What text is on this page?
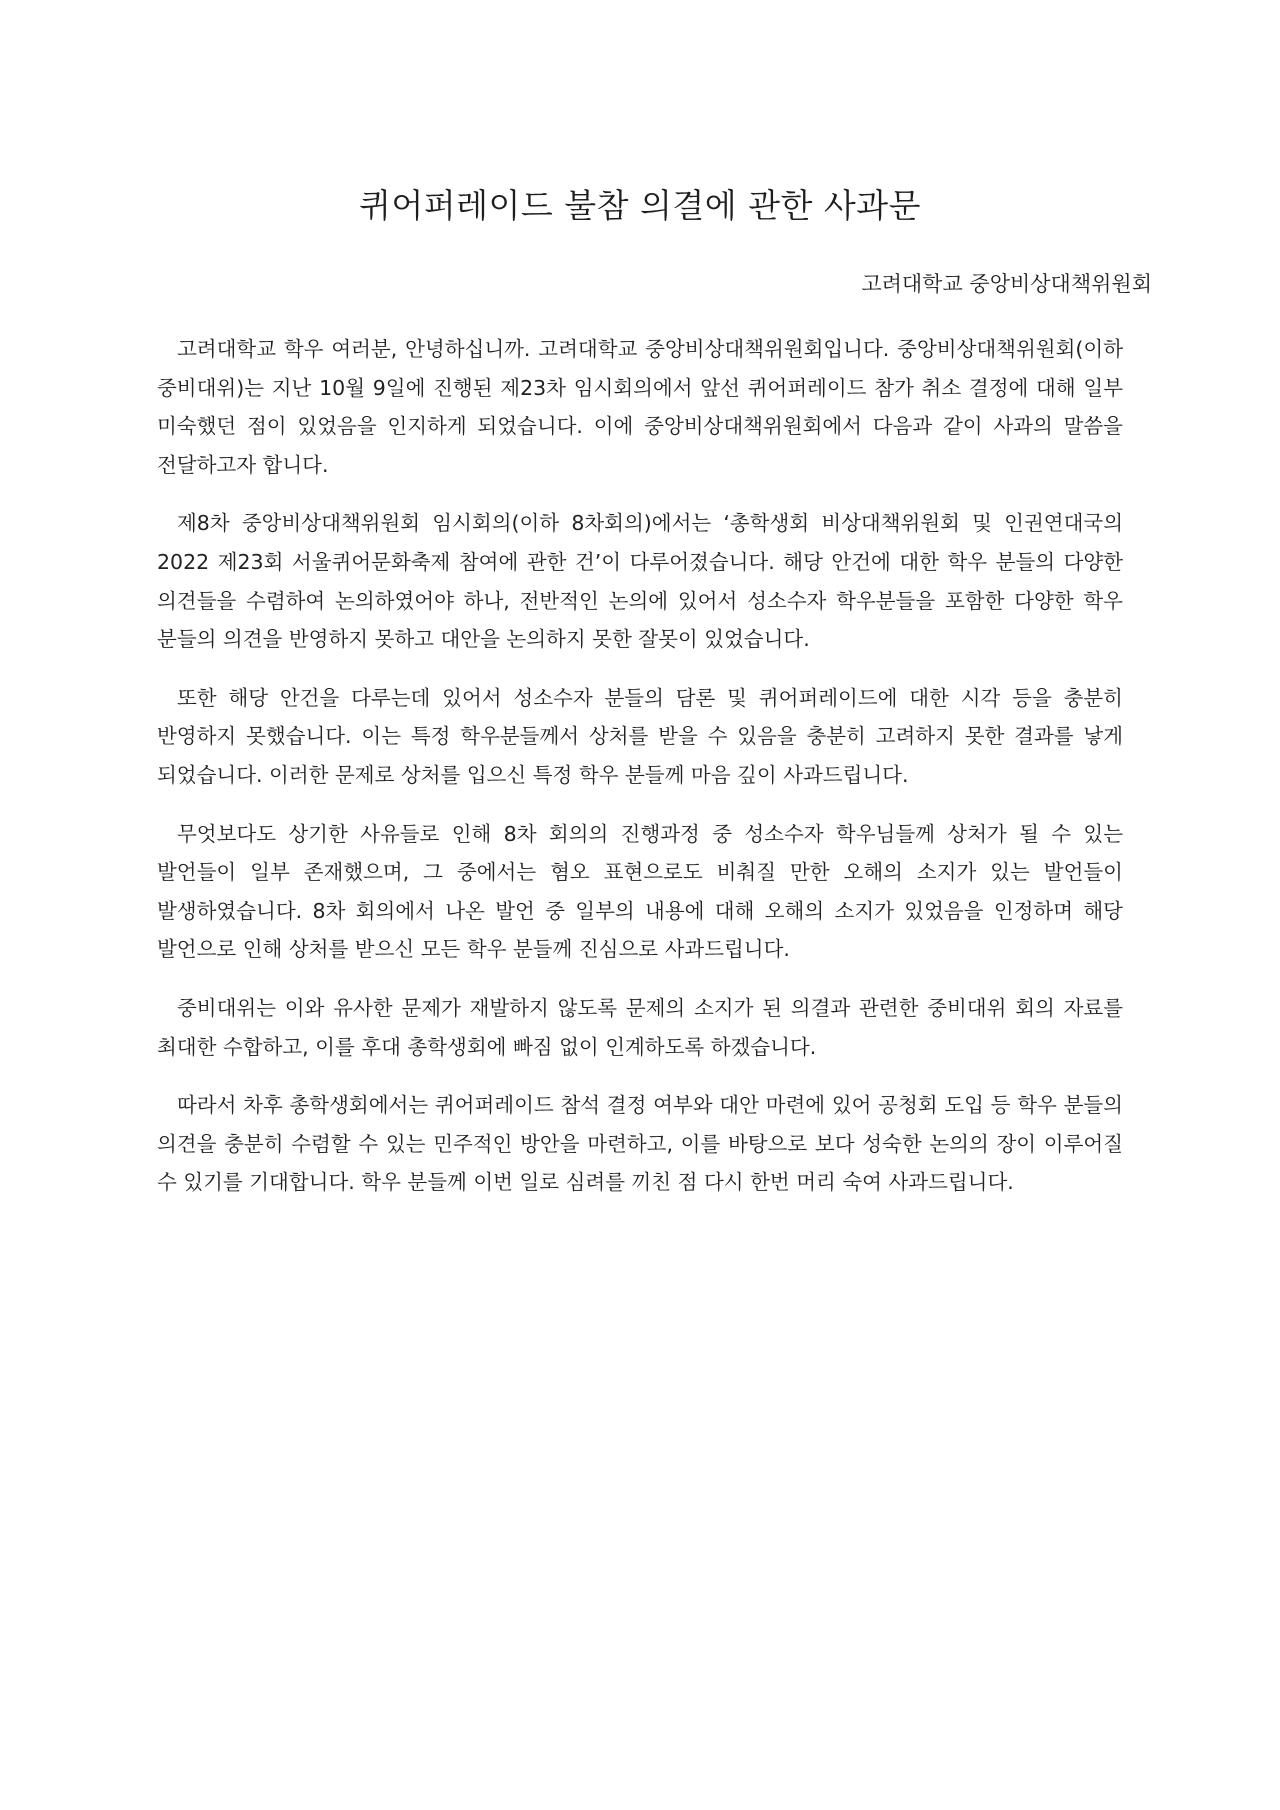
퀴어퍼레이드 불참 의결에 관한 사과문

고려대학교 중앙비상대책위원회

고려대학교 학우 여러분, 안녕하십니까. 고려대학교 중앙비상대책위원회입니다. 중앙비상대책위원회(이하 중비대위)는 지난 10월 9일에 진행된 제23차 임시회의에서 앞선 퀴어퍼레이드 참가 취소 결정에 대해 일부 미숙했던 점이 있었음을 인지하게 되었습니다. 이에 중앙비상대책위원회에서 다음과 같이 사과의 말씀을 전달하고자 합니다.

제8차 중앙비상대책위원회 임시회의(이하 8차회의)에서는 ‘총학생회 비상대책위원회 및 인권연대국의 2022 제23회 서울퀴어문화축제 참여에 관한 건’이 다루어졌습니다. 해당 안건에 대한 학우 분들의 다양한 의견들을 수렴하여 논의하였어야 하나, 전반적인 논의에 있어서 성소수자 학우분들을 포함한 다양한 학우 분들의 의견을 반영하지 못하고 대안을 논의하지 못한 잘못이 있었습니다.

또한 해당 안건을 다루는데 있어서 성소수자 분들의 담론 및 퀴어퍼레이드에 대한 시각 등을 충분히 반영하지 못했습니다. 이는 특정 학우분들께서 상처를 받을 수 있음을 충분히 고려하지 못한 결과를 낳게 되었습니다. 이러한 문제로 상처를 입으신 특정 학우 분들께 마음 깊이 사과드립니다.

무엇보다도 상기한 사유들로 인해 8차 회의의 진행과정 중 성소수자 학우님들께 상처가 될 수 있는 발언들이 일부 존재했으며, 그 중에서는 혐오 표현으로도 비춰질 만한 오해의 소지가 있는 발언들이 발생하였습니다. 8차 회의에서 나온 발언 중 일부의 내용에 대해 오해의 소지가 있었음을 인정하며 해당 발언으로 인해 상처를 받으신 모든 학우 분들께 진심으로 사과드립니다.

중비대위는 이와 유사한 문제가 재발하지 않도록 문제의 소지가 된 의결과 관련한 중비대위 회의 자료를 최대한 수합하고, 이를 후대 총학생회에 빠짐 없이 인계하도록 하겠습니다.

따라서 차후 총학생회에서는 퀴어퍼레이드 참석 결정 여부와 대안 마련에 있어 공청회 도입 등 학우 분들의 의견을 충분히 수렴할 수 있는 민주적인 방안을 마련하고, 이를 바탕으로 보다 성숙한 논의의 장이 이루어질 수 있기를 기대합니다. 학우 분들께 이번 일로 심려를 끼친 점 다시 한번 머리 숙여 사과드립니다.
